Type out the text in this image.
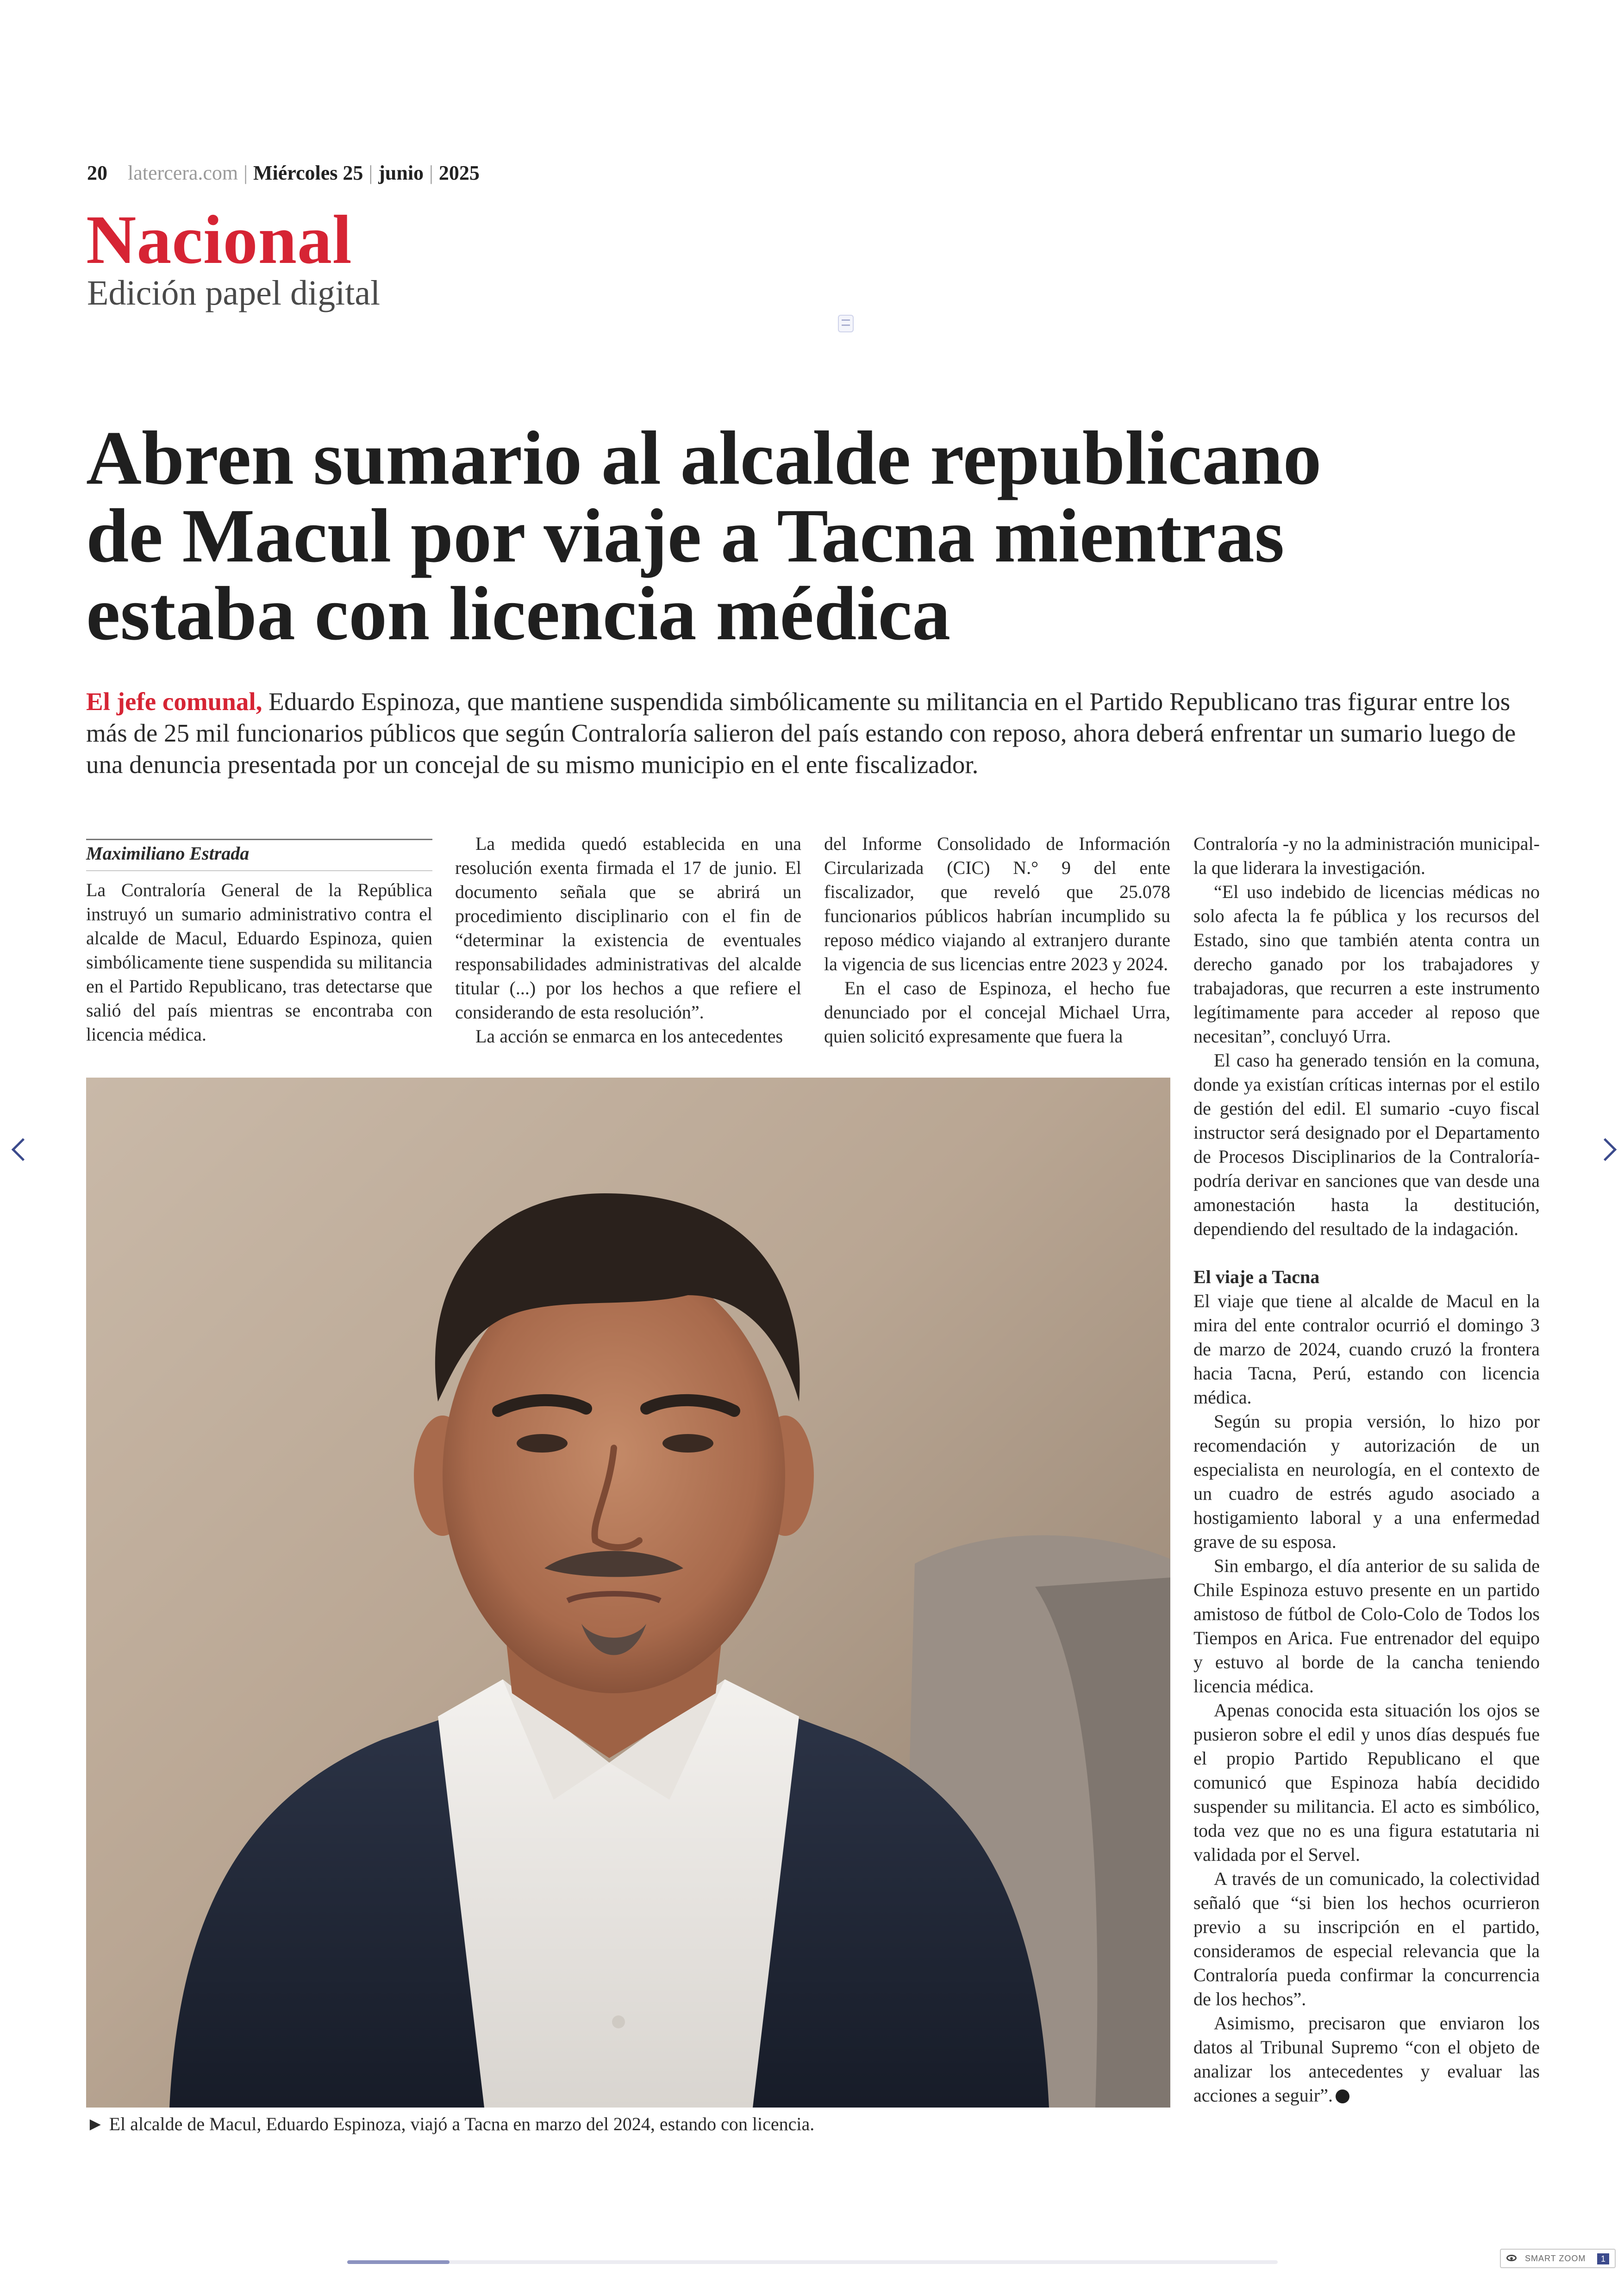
20 latercera.com | Miércoles 25 | junio | 2025
Nacional
Edición papel digital
Abren sumario al alcalde republicano
de Macul por viaje a Tacna mientras
estaba con licencia médica

El jefe comunal, Eduardo Espinoza, que mantiene suspendida simbólicamente su militancia en el Partido Republicano tras figurar entre los más de 25 mil funcionarios públicos que según Contraloría salieron del país estando con reposo, ahora deberá enfrentar un sumario luego de una denuncia presentada por un concejal de su mismo municipio en el ente fiscalizador.

Maximiliano Estrada

La Contraloría General de la República instruyó un sumario administrativo contra el alcalde de Macul, Eduardo Espinoza, quien simbólicamente tiene suspendida su militancia en el Partido Republicano, tras detectarse que salió del país mientras se encontraba con licencia médica.

La medida quedó establecida en una resolución exenta firmada el 17 de junio. El documento señala que se abrirá un procedimiento disciplinario con el fin de “determinar la existencia de eventuales responsabilidades administrativas del alcalde titular (...) por los hechos a que refiere el considerando de esta resolución”.

La acción se enmarca en los antecedentes

del Informe Consolidado de Información Circularizada (CIC) N.° 9 del ente fiscalizador, que reveló que 25.078 funcionarios públicos habrían incumplido su reposo médico viajando al extranjero durante la vigencia de sus licencias entre 2023 y 2024.

En el caso de Espinoza, el hecho fue denunciado por el concejal Michael Urra, quien solicitó expresamente que fuera la

Contraloría -y no la administración municipal- la que liderara la investigación.

“El uso indebido de licencias médicas no solo afecta la fe pública y los recursos del Estado, sino que también atenta contra un derecho ganado por los trabajadores y trabajadoras, que recurren a este instrumento legítimamente para acceder al reposo que necesitan”, concluyó Urra.

El caso ha generado tensión en la comuna, donde ya existían críticas internas por el estilo de gestión del edil. El sumario -cuyo fiscal instructor será designado por el Departamento de Procesos Disciplinarios de la Contraloría- podría derivar en sanciones que van desde una amonestación hasta la destitución, dependiendo del resultado de la indagación.

El viaje a Tacna

El viaje que tiene al alcalde de Macul en la mira del ente contralor ocurrió el domingo 3 de marzo de 2024, cuando cruzó la frontera hacia Tacna, Perú, estando con licencia médica.

Según su propia versión, lo hizo por recomendación y autorización de un especialista en neurología, en el contexto de un cuadro de estrés agudo asociado a hostigamiento laboral y a una enfermedad grave de su esposa.

Sin embargo, el día anterior de su salida de Chile Espinoza estuvo presente en un partido amistoso de fútbol de Colo-Colo de Todos los Tiempos en Arica. Fue entrenador del equipo y estuvo al borde de la cancha teniendo licencia médica.

Apenas conocida esta situación los ojos se pusieron sobre el edil y unos días después fue el propio Partido Republicano el que comunicó que Espinoza había decidido suspender su militancia. El acto es simbólico, toda vez que no es una figura estatutaria ni validada por el Servel.

A través de un comunicado, la colectividad señaló que “si bien los hechos ocurrieron previo a su inscripción en el partido, consideramos de especial relevancia que la Contraloría pueda confirmar la concurrencia de los hechos”.

Asimismo, precisaron que enviaron los datos al Tribunal Supremo “con el objeto de analizar los antecedentes y evaluar las acciones a seguir”.

► El alcalde de Macul, Eduardo Espinoza, viajó a Tacna en marzo del 2024, estando con licencia.
SMART ZOOM	1
